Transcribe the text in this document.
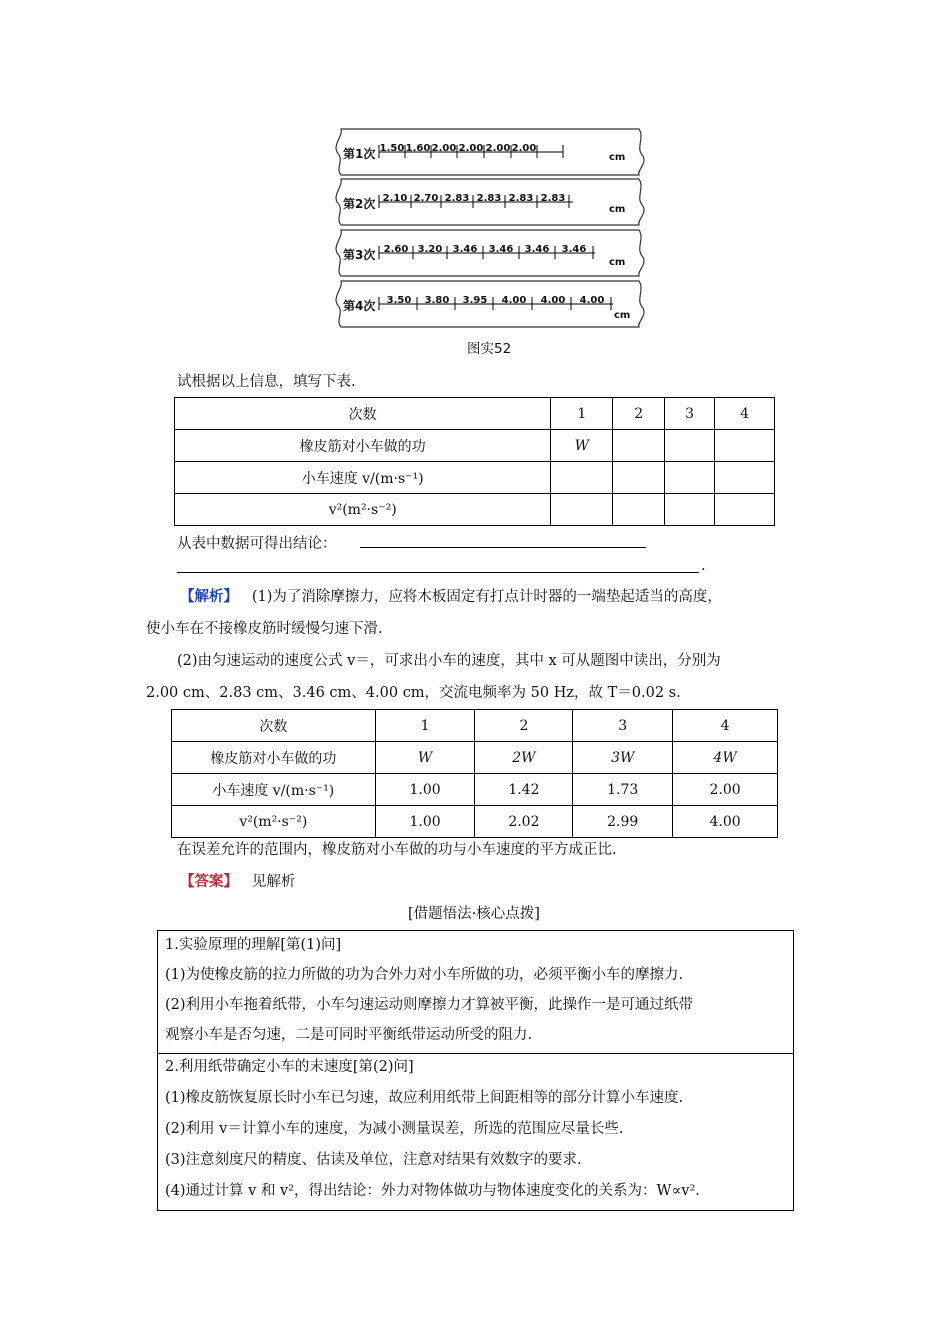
第1次 1.50 1.60 2.00 2.00 2.00 2.00
cm
第2次 2.10 2.70 2.83 2.83 2.83 2.83
cm
第3次 2.60 3.20	3.46	3.46	3.46	3.46
cm
第4次	3.50	3.80	3.95	4.00	4.00	4.00
cm
图实52
试根据以上信息，填写下表.
次数	1	2	3	4
橡皮筋对小车做的功	W			
小车速度 v/(m·s⁻¹)				
v²(m²·s⁻²)				
从表中数据可得出结论：
.
【解析】 (1)为了消除摩擦力，应将木板固定有打点计时器的一端垫起适当的高度，
使小车在不接橡皮筋时缓慢匀速下滑.
(2)由匀速运动的速度公式 v＝，可求出小车的速度，其中 x 可从题图中读出，分别为
2.00 cm、2.83 cm、3.46 cm、4.00 cm，交流电频率为 50 Hz，故 T＝0.02 s.
次数	1	2	3	4
橡皮筋对小车做的功	W	2W	3W	4W
小车速度 v/(m·s⁻¹)	1.00	1.42	1.73	2.00
v²(m²·s⁻²)	1.00	2.02	2.99	4.00
在误差允许的范围内，橡皮筋对小车做的功与小车速度的平方成正比.
【答案】 见解析
[借题悟法·核心点拨]
1.实验原理的理解[第(1)问]
(1)为使橡皮筋的拉力所做的功为合外力对小车所做的功，必须平衡小车的摩擦力.
(2)利用小车拖着纸带，小车匀速运动则摩擦力才算被平衡，此操作一是可通过纸带
观察小车是否匀速，二是可同时平衡纸带运动所受的阻力.
2.利用纸带确定小车的末速度[第(2)问]
(1)橡皮筋恢复原长时小车已匀速，故应利用纸带上间距相等的部分计算小车速度.
(2)利用 v＝计算小车的速度，为减小测量误差，所选的范围应尽量长些.
(3)注意刻度尺的精度、估读及单位，注意对结果有效数字的要求.
(4)通过计算 v 和 v²，得出结论：外力对物体做功与物体速度变化的关系为：W∝v².
